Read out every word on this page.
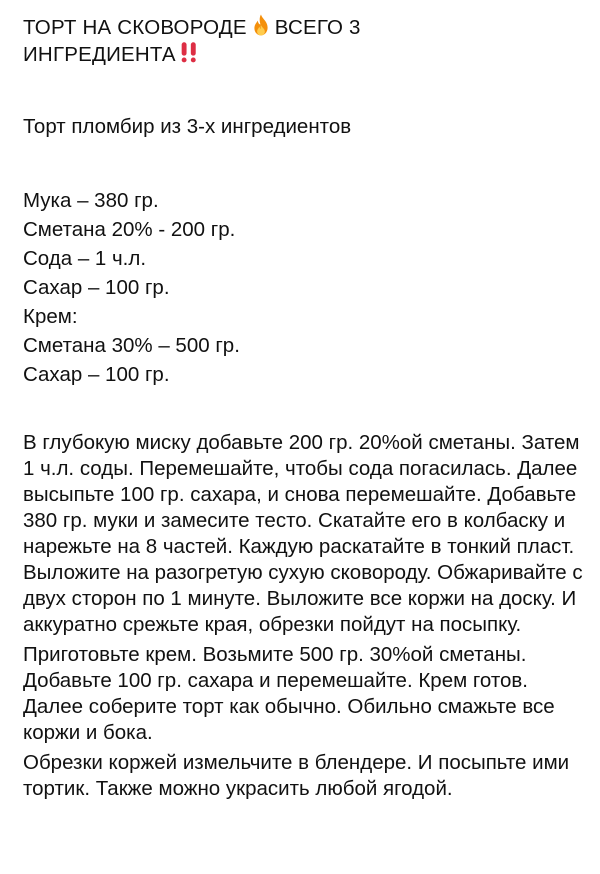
ТОРТ НА СКОВОРОДЕ ВСЕГО 3
ИНГРЕДИЕНТА

Торт пломбир из 3-х ингредиентов

Мука – 380 гр.
Сметана 20% - 200 гр.
Сода – 1 ч.л.
Сахар – 100 гр.
Крем:
Сметана 30% – 500 гр.
Сахар – 100 гр.

В глубокую миску добавьте 200 гр. 20%ой сметаны. Затем 1 ч.л. соды. Перемешайте, чтобы сода погасилась. Далее высыпьте 100 гр. сахара, и снова перемешайте. Добавьте 380 гр. муки и замесите тесто. Скатайте его в колбаску и нарежьте на 8 частей. Каждую раскатайте в тонкий пласт. Выложите на разогретую сухую сковороду. Обжаривайте с двух сторон по 1 минуте. Выложите все коржи на доску. И аккуратно срежьте края, обрезки пойдут на посыпку.

Приготовьте крем. Возьмите 500 гр. 30%ой сметаны. Добавьте 100 гр. сахара и перемешайте. Крем готов. Далее соберите торт как обычно. Обильно смажьте все коржи и бока.

Обрезки коржей измельчите в блендере. И посыпьте ими тортик. Также можно украсить любой ягодой.
